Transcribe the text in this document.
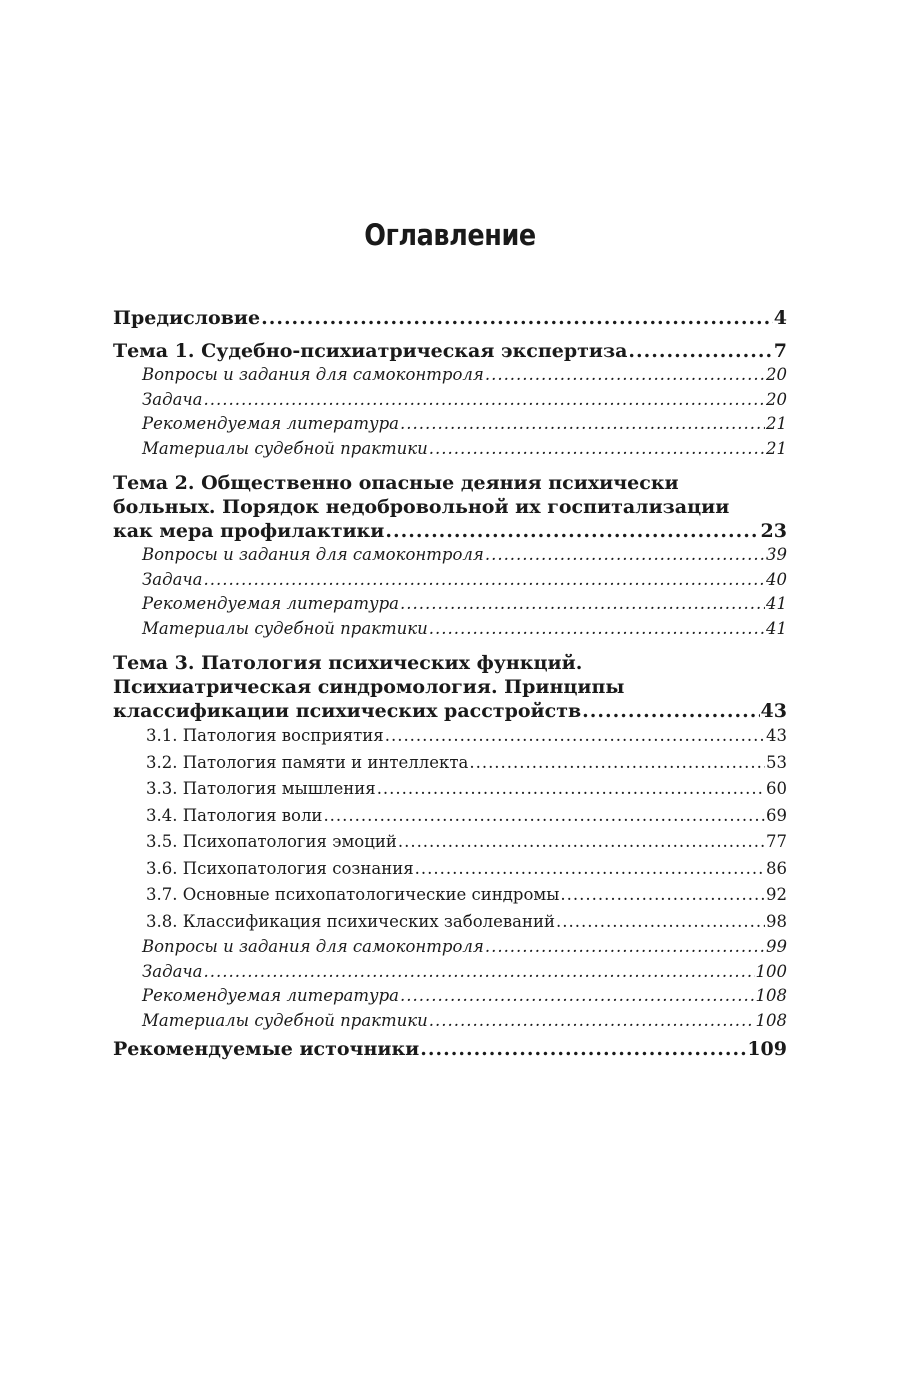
Оглавление
Предисловие .....	4
Тема 1. Судебно-психиатрическая экспертиза .....	7
Вопросы и задания для самоконтроля .....	20
Задача .....	20
Рекомендуемая литература .....	21
Материалы судебной практики .....	21
Тема 2. Общественно опасные деяния психически
больных. Порядок недобровольной их госпитализации
как мера профилактики .....	23
Вопросы и задания для самоконтроля .....	39
Задача .....	40
Рекомендуемая литература .....	41
Материалы судебной практики .....	41
Тема 3. Патология психических функций.
Психиатрическая синдромология. Принципы
классификации психических расстройств .....	43
3.1. Патология восприятия .....	43
3.2. Патология памяти и интеллекта .....	53
3.3. Патология мышления .....	60
3.4. Патология воли .....	69
3.5. Психопатология эмоций .....	77
3.6. Психопатология сознания .....	86
3.7. Основные психопатологические синдромы .....	92
3.8. Классификация психических заболеваний .....	98
Вопросы и задания для самоконтроля .....	99
Задача .....	100
Рекомендуемая литература .....	108
Материалы судебной практики .....	108
Рекомендуемые источники .....	109
